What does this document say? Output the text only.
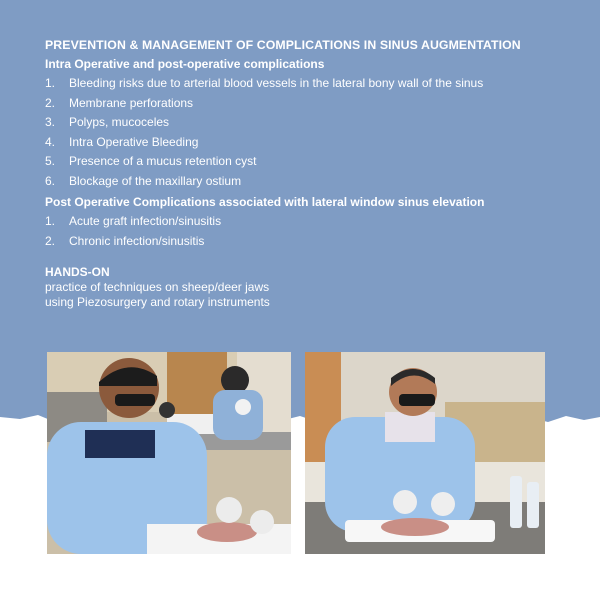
PREVENTION & MANAGEMENT OF COMPLICATIONS IN SINUS AUGMENTATION
Intra Operative and post-operative complications
1.	Bleeding risks due to arterial blood vessels in the lateral bony wall of the sinus
2.	Membrane perforations
3.	Polyps, mucoceles
4.	Intra Operative Bleeding
5.	Presence of a mucus retention cyst
6.	Blockage of the maxillary ostium
Post Operative Complications associated with lateral window sinus elevation
1.	Acute graft infection/sinusitis
2.	Chronic infection/sinusitis
HANDS-ON
practice of techniques on sheep/deer jaws
using Piezosurgery and rotary instruments
